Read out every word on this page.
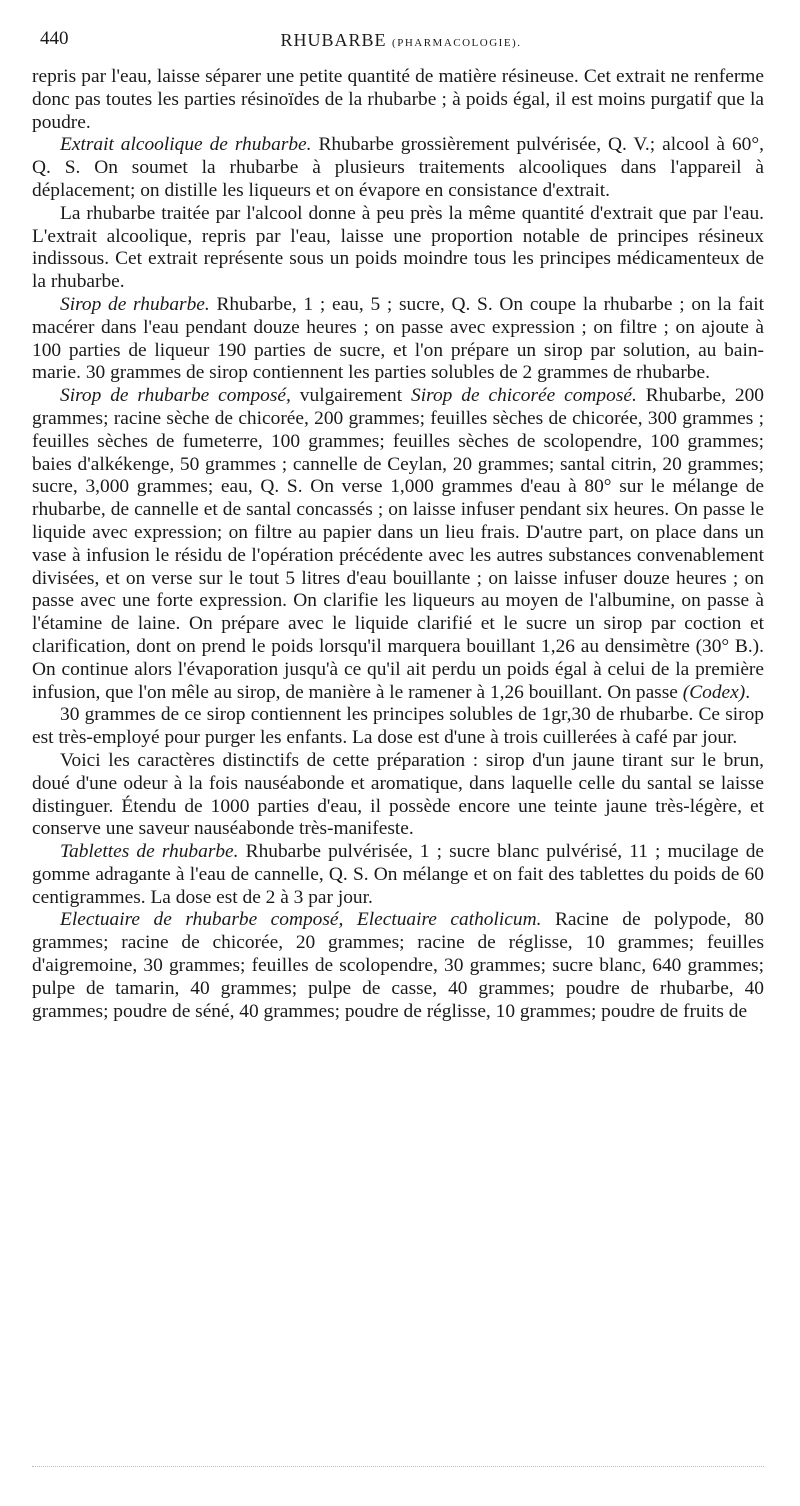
440	RHUBARBE (PHARMACOLOGIE).

repris par l'eau, laisse séparer une petite quantité de matière résineuse. Cet extrait ne renferme donc pas toutes les parties résinoïdes de la rhubarbe ; à poids égal, il est moins purgatif que la poudre.

Extrait alcoolique de rhubarbe. Rhubarbe grossièrement pulvérisée, Q. V.; alcool à 60°, Q. S. On soumet la rhubarbe à plusieurs traitements alcooliques dans l'appareil à déplacement; on distille les liqueurs et on évapore en consistance d'extrait.

La rhubarbe traitée par l'alcool donne à peu près la même quantité d'extrait que par l'eau. L'extrait alcoolique, repris par l'eau, laisse une proportion notable de principes résineux indissous. Cet extrait représente sous un poids moindre tous les principes médicamenteux de la rhubarbe.

Sirop de rhubarbe. Rhubarbe, 1 ; eau, 5 ; sucre, Q. S. On coupe la rhubarbe ; on la fait macérer dans l'eau pendant douze heures ; on passe avec expression ; on filtre ; on ajoute à 100 parties de liqueur 190 parties de sucre, et l'on prépare un sirop par solution, au bain-marie. 30 grammes de sirop contiennent les parties solubles de 2 grammes de rhubarbe.

Sirop de rhubarbe composé, vulgairement Sirop de chicorée composé. Rhubarbe, 200 grammes; racine sèche de chicorée, 200 grammes; feuilles sèches de chicorée, 300 grammes ; feuilles sèches de fumeterre, 100 grammes; feuilles sèches de scolopendre, 100 grammes; baies d'alkékenge, 50 grammes ; cannelle de Ceylan, 20 grammes; santal citrin, 20 grammes; sucre, 3,000 grammes; eau, Q. S. On verse 1,000 grammes d'eau à 80° sur le mélange de rhubarbe, de cannelle et de santal concassés ; on laisse infuser pendant six heures. On passe le liquide avec expression; on filtre au papier dans un lieu frais. D'autre part, on place dans un vase à infusion le résidu de l'opération précédente avec les autres substances convenablement divisées, et on verse sur le tout 5 litres d'eau bouillante ; on laisse infuser douze heures ; on passe avec une forte expression. On clarifie les liqueurs au moyen de l'albumine, on passe à l'étamine de laine. On prépare avec le liquide clarifié et le sucre un sirop par coction et clarification, dont on prend le poids lorsqu'il marquera bouillant 1,26 au densimètre (30° B.). On continue alors l'évaporation jusqu'à ce qu'il ait perdu un poids égal à celui de la première infusion, que l'on mêle au sirop, de manière à le ramener à 1,26 bouillant. On passe (Codex).

30 grammes de ce sirop contiennent les principes solubles de 1gr,30 de rhubarbe. Ce sirop est très-employé pour purger les enfants. La dose est d'une à trois cuillerées à café par jour.

Voici les caractères distinctifs de cette préparation : sirop d'un jaune tirant sur le brun, doué d'une odeur à la fois nauséabonde et aromatique, dans laquelle celle du santal se laisse distinguer. Étendu de 1000 parties d'eau, il possède encore une teinte jaune très-légère, et conserve une saveur nauséabonde très-manifeste.

Tablettes de rhubarbe. Rhubarbe pulvérisée, 1 ; sucre blanc pulvérisé, 11 ; mucilage de gomme adragante à l'eau de cannelle, Q. S. On mélange et on fait des tablettes du poids de 60 centigrammes. La dose est de 2 à 3 par jour.

Electuaire de rhubarbe composé, Electuaire catholicum. Racine de polypode, 80 grammes; racine de chicorée, 20 grammes; racine de réglisse, 10 grammes; feuilles d'aigremoine, 30 grammes; feuilles de scolopendre, 30 grammes; sucre blanc, 640 grammes; pulpe de tamarin, 40 grammes; pulpe de casse, 40 grammes; poudre de rhubarbe, 40 grammes; poudre de séné, 40 grammes; poudre de réglisse, 10 grammes; poudre de fruits de
